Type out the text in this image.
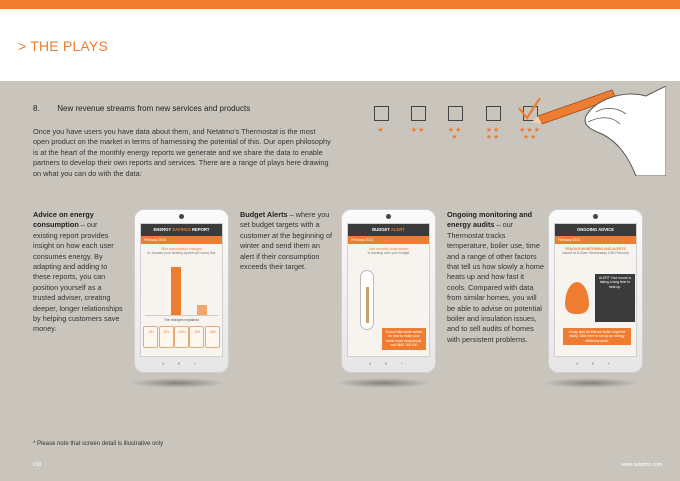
> THE PLAYS
8. New revenue streams from new services and products
Once you have users you have data about them, and Netatmo's Thermostat is the most open product on the market in terms of harnessing the potential of this. Our open philosophy is at the heart of the monthly energy reports we generate and we share the data to enable partners to develop their own reports and services. There are a range of plays here drawing on what you can do with the data:
★	★★	★★
★
★★
★★
★★★
★★
Advice on energy consumption – our existing report provides insight on how each user consumes energy. By adapting and adding to these reports, you can position yourself as a trusted adviser, creating deeper, longer relationships by helping customers save money.
Budget Alerts – where you set budget targets with a customer at the beginning of winter and send them an alert if their consumption exceeds their target.
Ongoing monitoring and energy audits – our Thermostat tracks temperature, boiler use, time and a range of other factors that tell us how slowly a home heats up and how fast it cools. Compared with data from similar homes, you will be able to advise on potential boiler and insulation issues, and to sell audits of homes with persistent problems.
ENERGY SAVINGS REPORT
February 2014
Slim consumption changes
in January your heating system (# hours) this
The changes explained
-2H	-2H	-21H	-2H	-8H
◂ ● ▪
BUDGET ALERT
February 2014
Your monthly consumption
is tracking over your budget
If you'd like some advice on how to make your home more economical, call 0800 100 100
◂ ● ▪
ONGOING ADVICE
February 2014
FRAGILE MONITORING AND ALERTS
Issued at 8:30am Wednesday 19th February
ALERT Your house is taking a long time to heat up.
It may also be that our boiler might be faulty. Click here to set up an energy efficiency audit.
◂ ● ▪
* Please note that screen detail is illustrative only
#19	www.netatmo.com
